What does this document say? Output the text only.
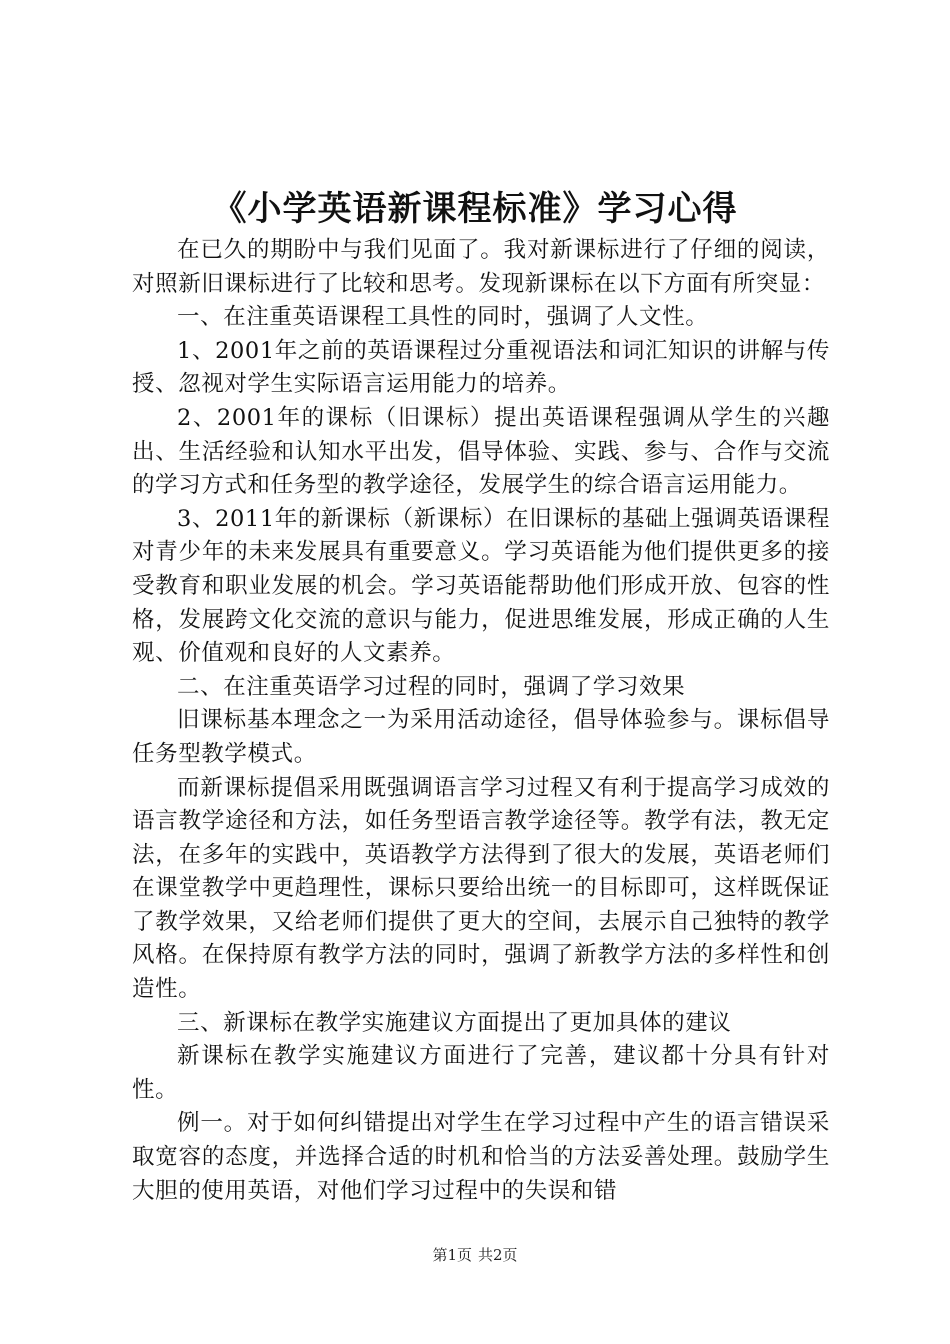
《小学英语新课程标准》学习心得

在已久的期盼中与我们见面了。我对新课标进行了仔细的阅读，对照新旧课标进行了比较和思考。发现新课标在以下方面有所突显：

一、在注重英语课程工具性的同时，强调了人文性。

1、2001年之前的英语课程过分重视语法和词汇知识的讲解与传授、忽视对学生实际语言运用能力的培养。

2、2001年的课标（旧课标）提出英语课程强调从学生的兴趣出、生活经验和认知水平出发，倡导体验、实践、参与、合作与交流的学习方式和任务型的教学途径，发展学生的综合语言运用能力。

3、2011年的新课标（新课标）在旧课标的基础上强调英语课程对青少年的未来发展具有重要意义。学习英语能为他们提供更多的接受教育和职业发展的机会。学习英语能帮助他们形成开放、包容的性格，发展跨文化交流的意识与能力，促进思维发展，形成正确的人生观、价值观和良好的人文素养。

二、在注重英语学习过程的同时，强调了学习效果

旧课标基本理念之一为采用活动途径，倡导体验参与。课标倡导任务型教学模式。

而新课标提倡采用既强调语言学习过程又有利于提高学习成效的语言教学途径和方法，如任务型语言教学途径等。教学有法，教无定法，在多年的实践中，英语教学方法得到了很大的发展，英语老师们在课堂教学中更趋理性，课标只要给出统一的目标即可，这样既保证了教学效果，又给老师们提供了更大的空间，去展示自己独特的教学风格。在保持原有教学方法的同时，强调了新教学方法的多样性和创造性。

三、新课标在教学实施建议方面提出了更加具体的建议

新课标在教学实施建议方面进行了完善，建议都十分具有针对性。

例一。对于如何纠错提出对学生在学习过程中产生的语言错误采取宽容的态度，并选择合适的时机和恰当的方法妥善处理。鼓励学生大胆的使用英语，对他们学习过程中的失误和错

第1页 共2页
